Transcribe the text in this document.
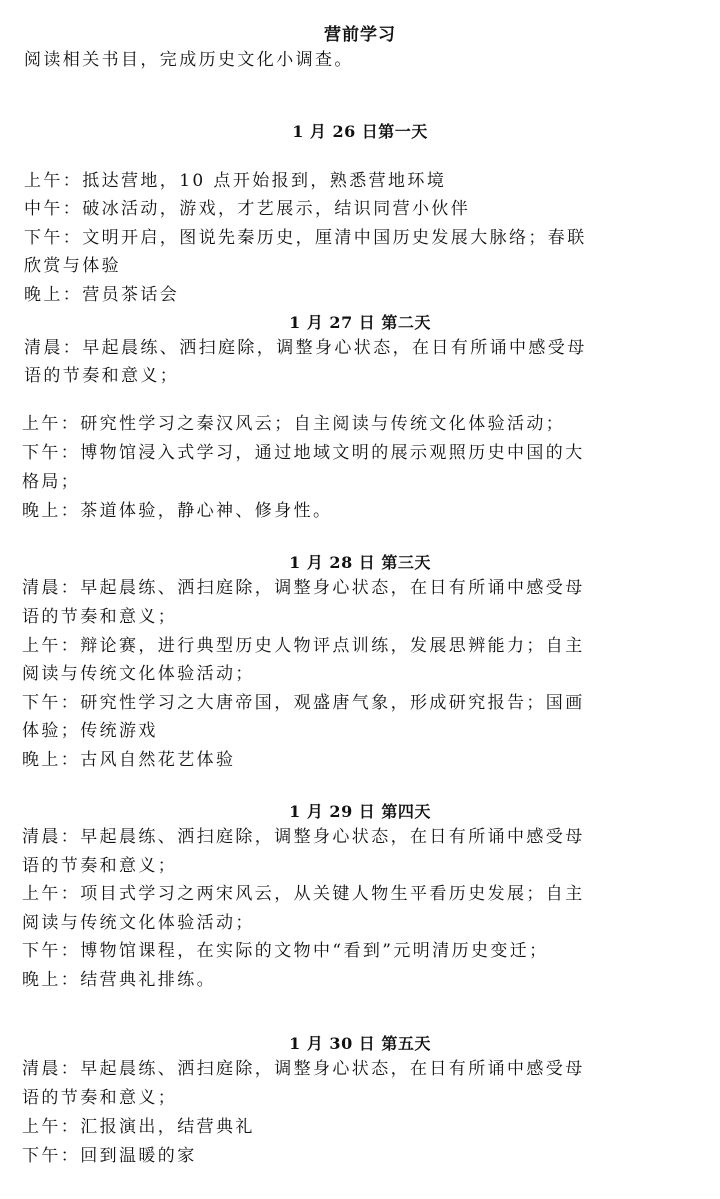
营前学习
阅读相关书目，完成历史文化小调查。
1 月 26 日第一天
上午：抵达营地，10 点开始报到，熟悉营地环境
中午：破冰活动，游戏，才艺展示，结识同营小伙伴
下午：文明开启，图说先秦历史，厘清中国历史发展大脉络；春联
欣赏与体验
晚上：营员茶话会
1 月 27 日 第二天
清晨：早起晨练、洒扫庭除，调整身心状态，在日有所诵中感受母
语的节奏和意义；
上午：研究性学习之秦汉风云；自主阅读与传统文化体验活动；
下午：博物馆浸入式学习，通过地域文明的展示观照历史中国的大
格局；
晚上：茶道体验，静心神、修身性。
1 月 28 日 第三天
清晨：早起晨练、洒扫庭除，调整身心状态，在日有所诵中感受母
语的节奏和意义；
上午：辩论赛，进行典型历史人物评点训练，发展思辨能力；自主
阅读与传统文化体验活动；
下午：研究性学习之大唐帝国，观盛唐气象，形成研究报告；国画
体验；传统游戏
晚上：古风自然花艺体验
1 月 29 日 第四天
清晨：早起晨练、洒扫庭除，调整身心状态，在日有所诵中感受母
语的节奏和意义；
上午：项目式学习之两宋风云，从关键人物生平看历史发展；自主
阅读与传统文化体验活动；
下午：博物馆课程，在实际的文物中“看到”元明清历史变迁；
晚上：结营典礼排练。
1 月 30 日 第五天
清晨：早起晨练、洒扫庭除，调整身心状态，在日有所诵中感受母
语的节奏和意义；
上午：汇报演出，结营典礼
下午：回到温暖的家
